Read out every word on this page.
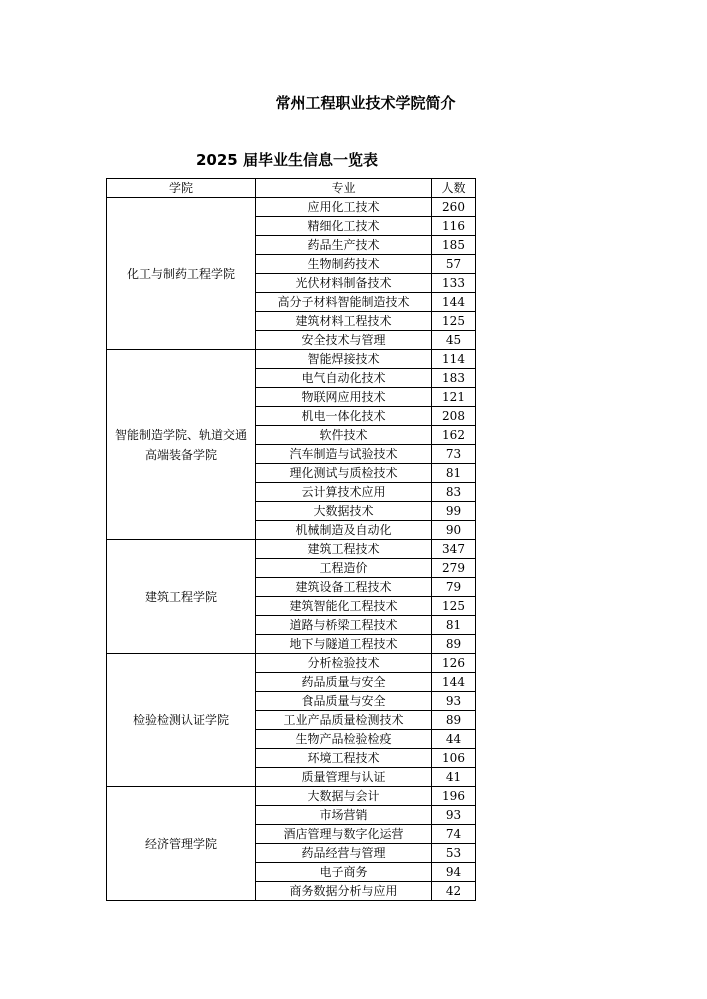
常州工程职业技术学院简介
2025 届毕业生信息一览表
学院	专业	人数
化工与制药工程学院	应用化工技术	260
	精细化工技术	116
	药品生产技术	185
	生物制药技术	57
	光伏材料制备技术	133
	高分子材料智能制造技术	144
	建筑材料工程技术	125
	安全技术与管理	45
智能制造学院、轨道交通高端装备学院	智能焊接技术	114
	电气自动化技术	183
	物联网应用技术	121
	机电一体化技术	208
	软件技术	162
	汽车制造与试验技术	73
	理化测试与质检技术	81
	云计算技术应用	83
	大数据技术	99
	机械制造及自动化	90
建筑工程学院	建筑工程技术	347
	工程造价	279
	建筑设备工程技术	79
	建筑智能化工程技术	125
	道路与桥梁工程技术	81
	地下与隧道工程技术	89
检验检测认证学院	分析检验技术	126
	药品质量与安全	144
	食品质量与安全	93
	工业产品质量检测技术	89
	生物产品检验检疫	44
	环境工程技术	106
	质量管理与认证	41
经济管理学院	大数据与会计	196
	市场营销	93
	酒店管理与数字化运营	74
	药品经营与管理	53
	电子商务	94
	商务数据分析与应用	42
